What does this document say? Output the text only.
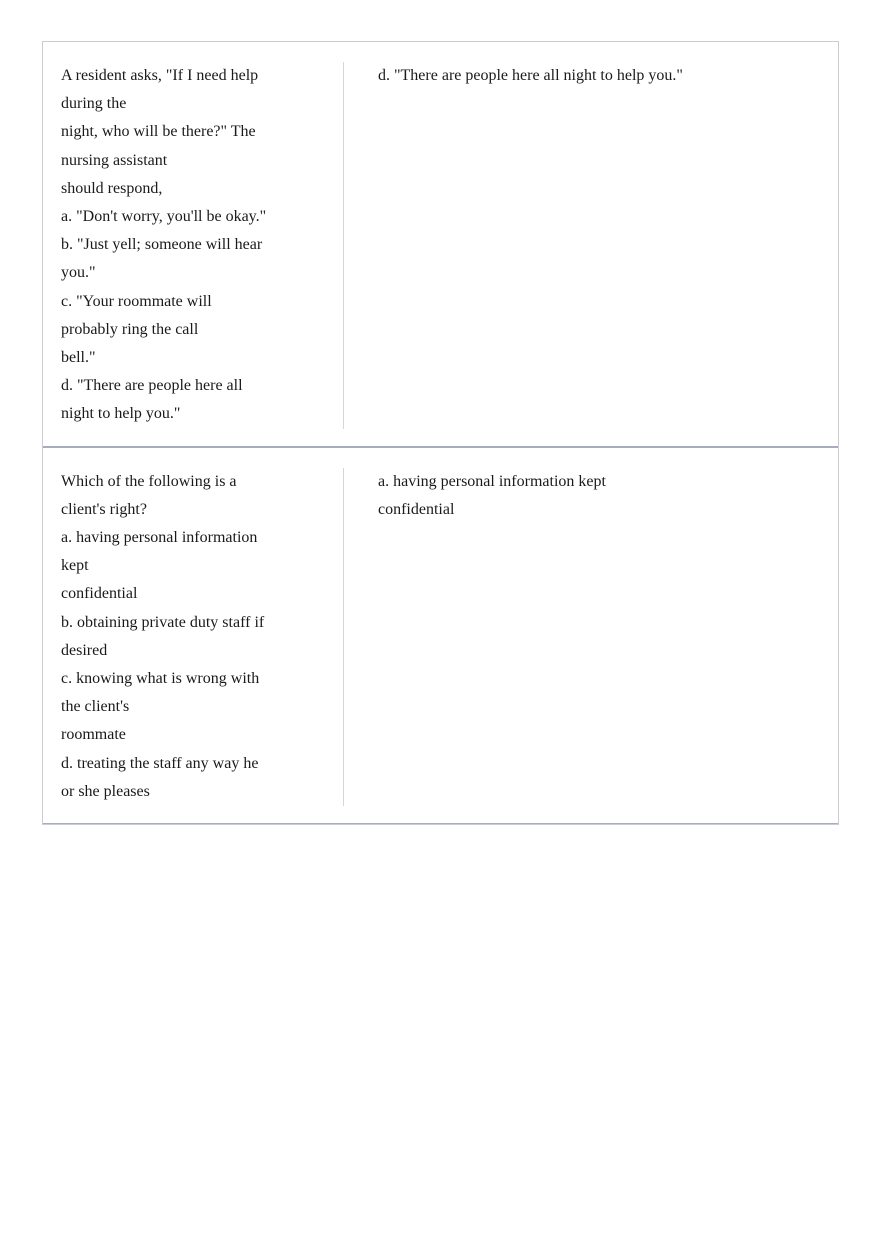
A resident asks, "If I need help
during the
night, who will be there?" The
nursing assistant
should respond,
a. "Don't worry, you'll be okay."
b. "Just yell; someone will hear
you."
c. "Your roommate will
probably ring the call
bell."
d. "There are people here all
night to help you."
d. "There are people here all night to help you."
Which of the following is a
client's right?
a. having personal information
kept
confidential
b. obtaining private duty staff if
desired
c. knowing what is wrong with
the client's
roommate
d. treating the staff any way he
or she pleases
a. having personal information kept
confidential
